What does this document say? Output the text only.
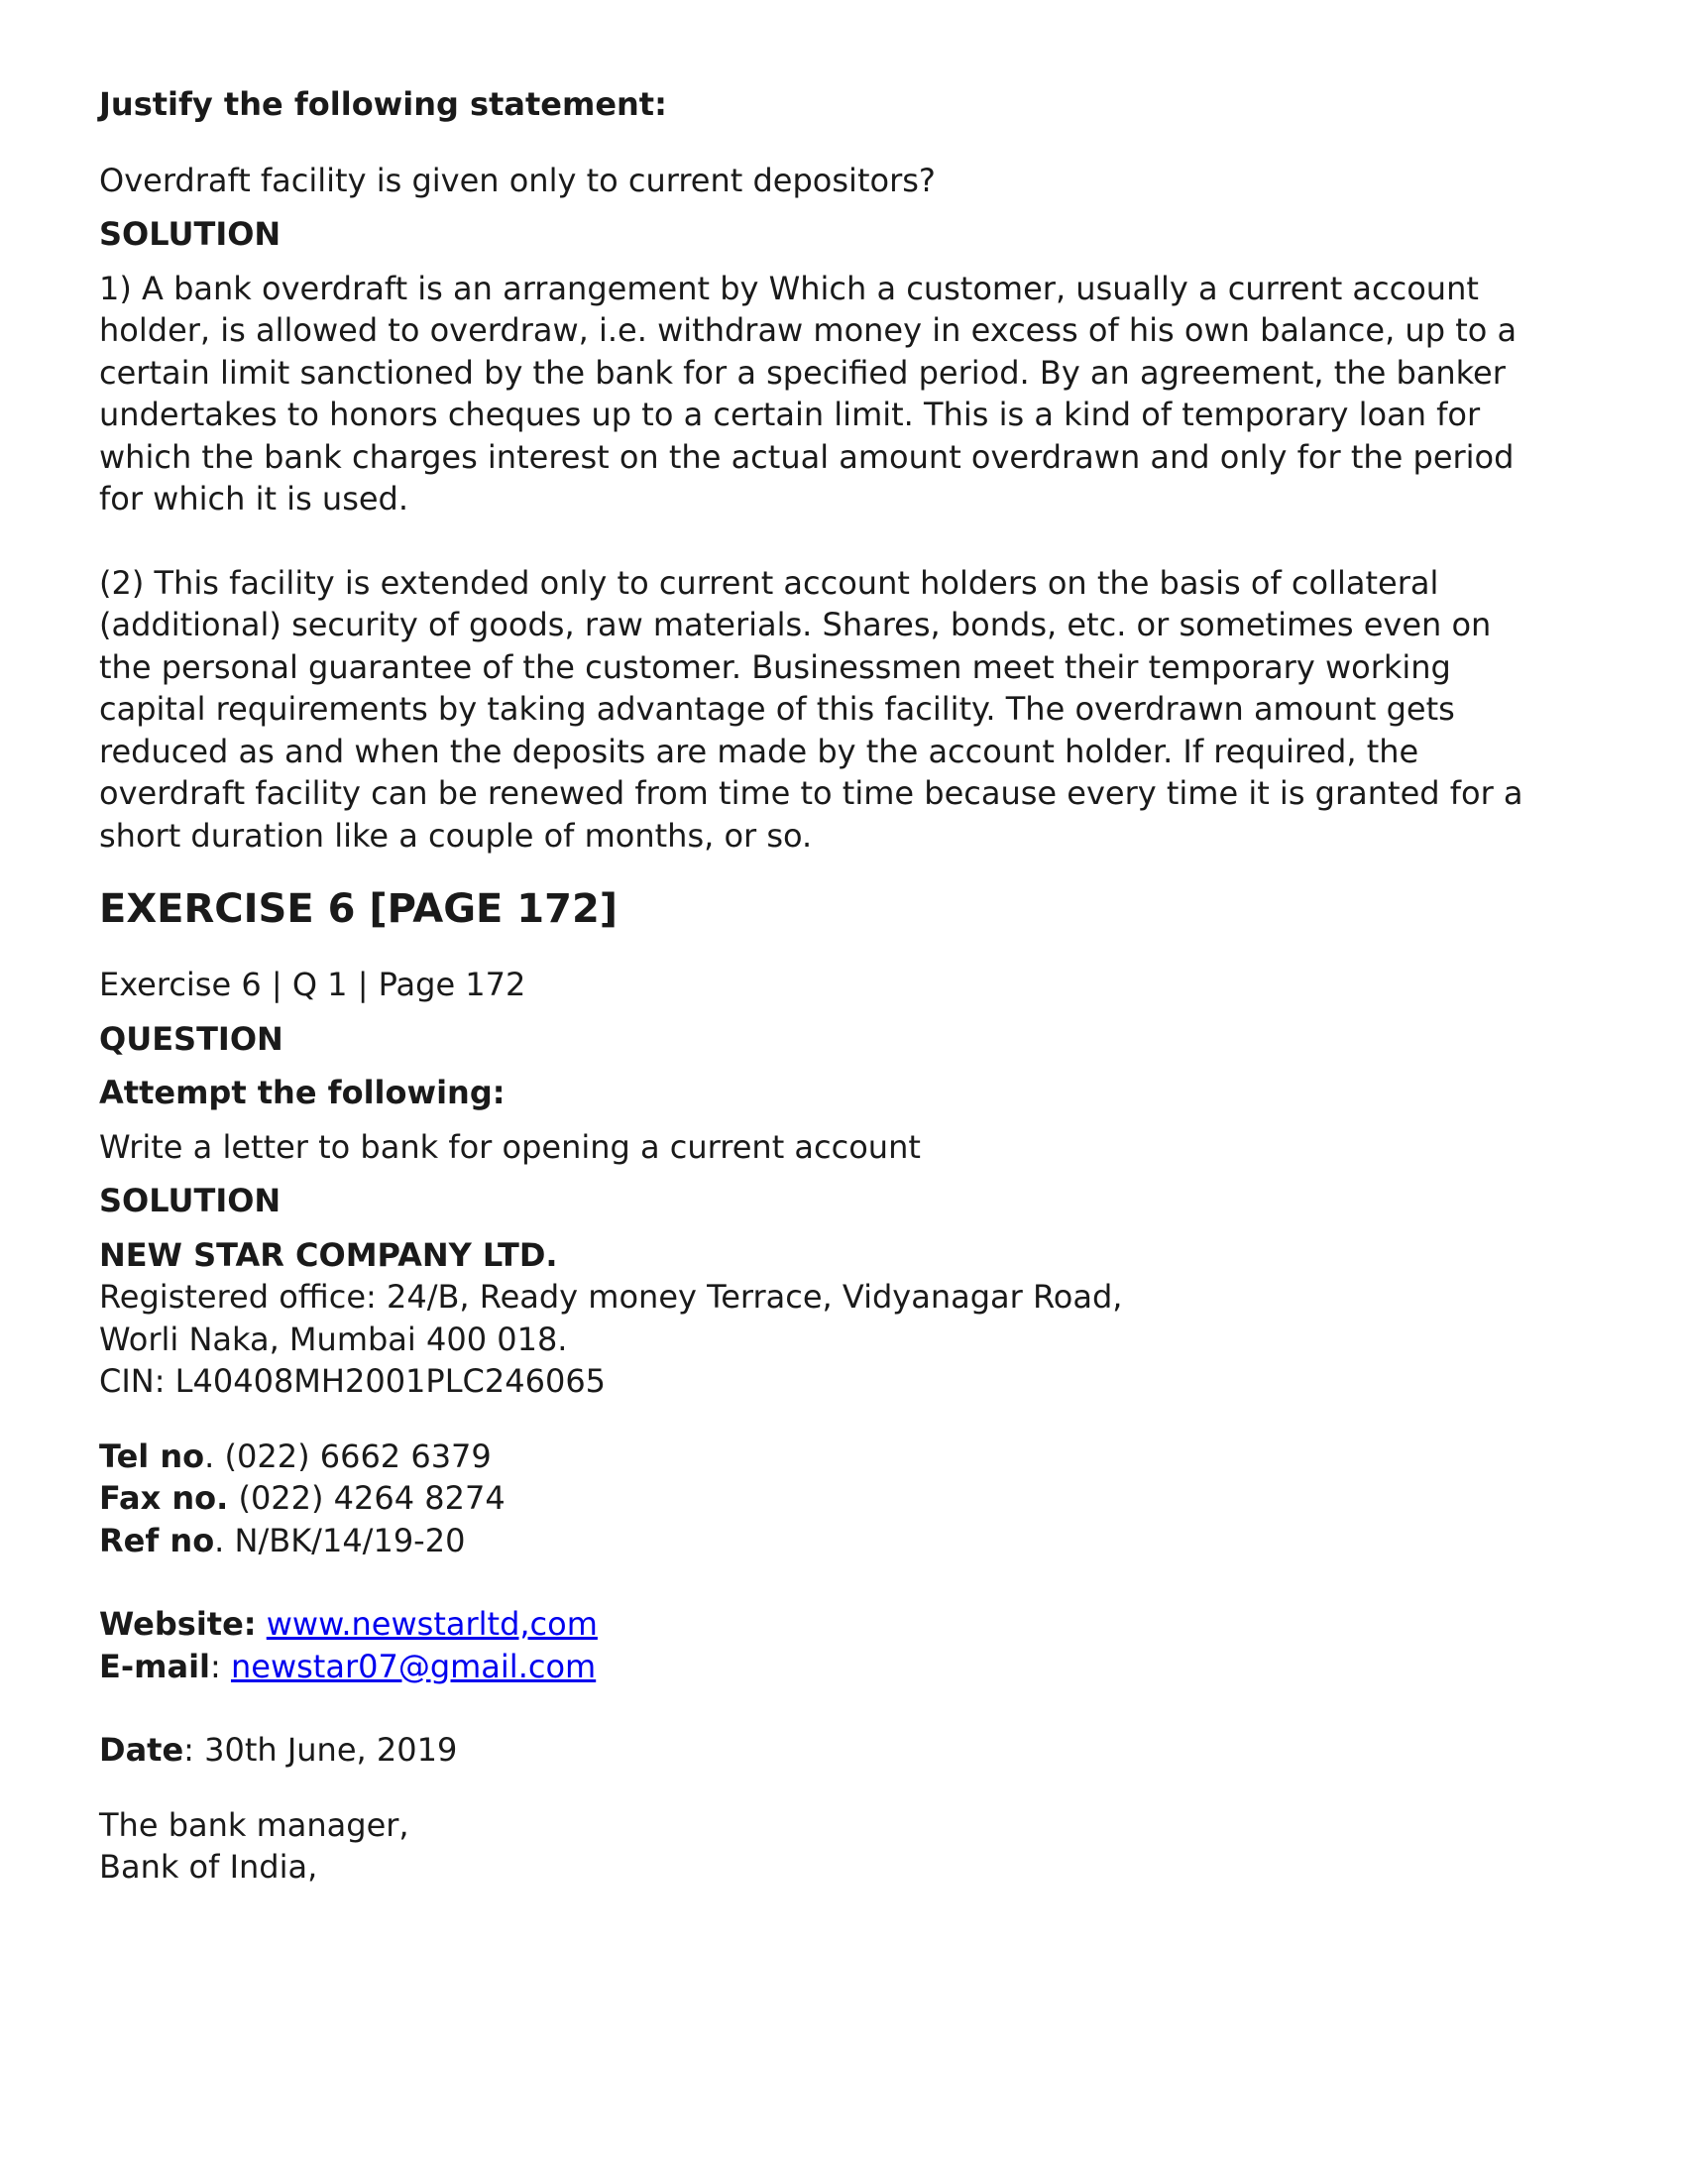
Justify the following statement:

Overdraft facility is given only to current depositors?

SOLUTION

1) A bank overdraft is an arrangement by Which a customer, usually a current account

holder, is allowed to overdraw, i.e. withdraw money in excess of his own balance, up to a

certain limit sanctioned by the bank for a specified period. By an agreement, the banker

undertakes to honors cheques up to a certain limit. This is a kind of temporary loan for

which the bank charges interest on the actual amount overdrawn and only for the period

for which it is used.

(2) This facility is extended only to current account holders on the basis of collateral

(additional) security of goods, raw materials. Shares, bonds, etc. or sometimes even on

the personal guarantee of the customer. Businessmen meet their temporary working

capital requirements by taking advantage of this facility. The overdrawn amount gets

reduced as and when the deposits are made by the account holder. If required, the

overdraft facility can be renewed from time to time because every time it is granted for a

short duration like a couple of months, or so.

EXERCISE 6 [PAGE 172]

Exercise 6 | Q 1 | Page 172

QUESTION

Attempt the following:

Write a letter to bank for opening a current account

SOLUTION

NEW STAR COMPANY LTD.

Registered office: 24/B, Ready money Terrace, Vidyanagar Road,

Worli Naka, Mumbai 400 018.

CIN: L40408MH2001PLC246065

Tel no. (022) 6662 6379

Fax no. (022) 4264 8274

Ref no. N/BK/14/19-20

Website: www.newstarltd,com

E-mail: newstar07@gmail.com

Date: 30th June, 2019

The bank manager,

Bank of India,
